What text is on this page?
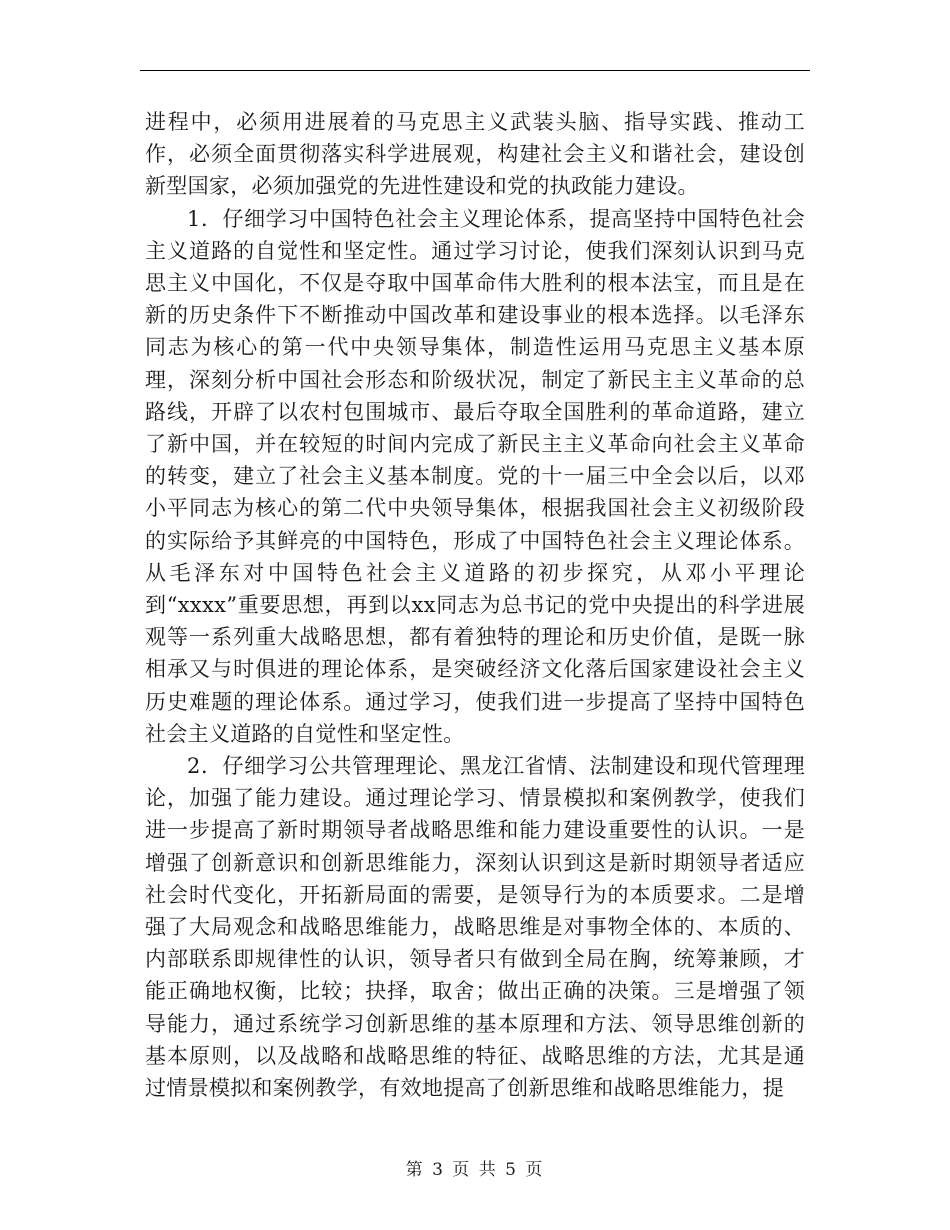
进程中，必须用进展着的马克思主义武装头脑、指导实践、推动工作，必须全面贯彻落实科学进展观，构建社会主义和谐社会，建设创新型国家，必须加强党的先进性建设和党的执政能力建设。

1．仔细学习中国特色社会主义理论体系，提高坚持中国特色社会主义道路的自觉性和坚定性。通过学习讨论，使我们深刻认识到马克思主义中国化，不仅是夺取中国革命伟大胜利的根本法宝，而且是在新的历史条件下不断推动中国改革和建设事业的根本选择。以毛泽东同志为核心的第一代中央领导集体，制造性运用马克思主义基本原理，深刻分析中国社会形态和阶级状况，制定了新民主主义革命的总路线，开辟了以农村包围城市、最后夺取全国胜利的革命道路，建立了新中国，并在较短的时间内完成了新民主主义革命向社会主义革命的转变，建立了社会主义基本制度。党的十一届三中全会以后，以邓小平同志为核心的第二代中央领导集体，根据我国社会主义初级阶段的实际给予其鲜亮的中国特色，形成了中国特色社会主义理论体系。从毛泽东对中国特色社会主义道路的初步探究，从邓小平理论到“xxxx”重要思想，再到以xx同志为总书记的党中央提出的科学进展观等一系列重大战略思想，都有着独特的理论和历史价值，是既一脉相承又与时俱进的理论体系，是突破经济文化落后国家建设社会主义历史难题的理论体系。通过学习，使我们进一步提高了坚持中国特色社会主义道路的自觉性和坚定性。

2．仔细学习公共管理理论、黑龙江省情、法制建设和现代管理理论，加强了能力建设。通过理论学习、情景模拟和案例教学，使我们进一步提高了新时期领导者战略思维和能力建设重要性的认识。一是增强了创新意识和创新思维能力，深刻认识到这是新时期领导者适应社会时代变化，开拓新局面的需要，是领导行为的本质要求。二是增强了大局观念和战略思维能力，战略思维是对事物全体的、本质的、内部联系即规律性的认识，领导者只有做到全局在胸，统筹兼顾，才能正确地权衡，比较；抉择，取舍；做出正确的决策。三是增强了领导能力，通过系统学习创新思维的基本原理和方法、领导思维创新的基本原则，以及战略和战略思维的特征、战略思维的方法，尤其是通过情景模拟和案例教学，有效地提高了创新思维和战略思维能力，提

第 3 页 共 5 页
